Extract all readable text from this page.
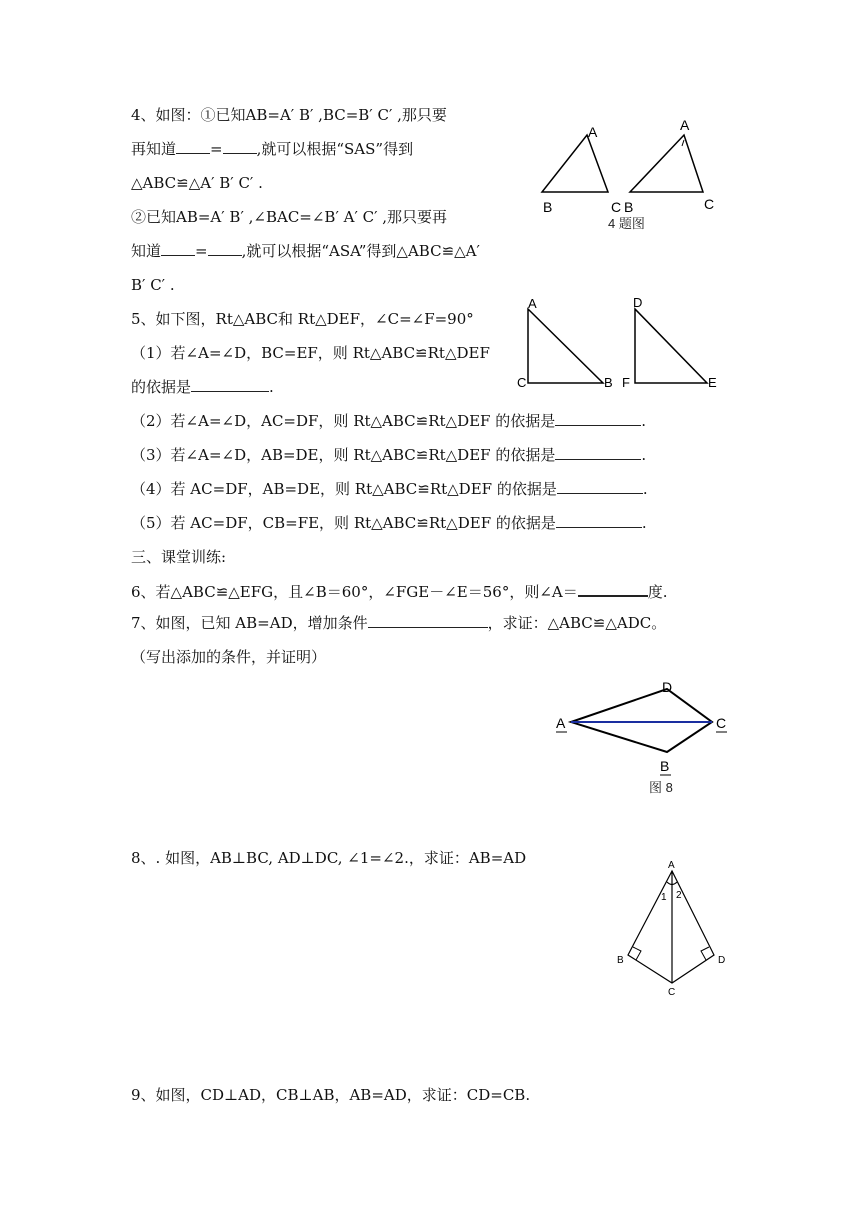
4、如图：①已知AB=A′ B′ ,BC=B′ C′ ,那只要
再知道 = ,就可以根据“SAS”得到
△ABC≌△A′ B′ C′ .
②已知AB=A′ B′ ,∠BAC=∠B′ A′ C′ ,那只要再
知道 = ,就可以根据“ASA”得到△ABC≌△A′
B′ C′ .
5、如下图，Rt△ABC和 Rt△DEF，∠C=∠F=90°
（1）若∠A=∠D，BC=EF，则 Rt△ABC≌Rt△DEF
的依据是	.
（2）若∠A=∠D，AC=DF，则 Rt△ABC≌Rt△DEF 的依据是	.
（3）若∠A=∠D，AB=DE，则 Rt△ABC≌Rt△DEF 的依据是	.
（4）若 AC=DF，AB=DE，则 Rt△ABC≌Rt△DEF 的依据是	.
（5）若 AC=DF，CB=FE，则 Rt△ABC≌Rt△DEF 的依据是	.
三、课堂训练:
6、若△ABC≌△EFG，且∠B＝60°，∠FGE－∠E＝56°，则∠A＝	度.
7、如图，已知 AB=AD，增加条件	，求证：△ABC≌△ADC。
（写出添加的条件，并证明）
8、. 如图，AB⊥BC, AD⊥DC, ∠1=∠2.，求证：AB=AD
9、如图，CD⊥AD，CB⊥AB，AB=AD，求证：CD=CB.
A
B	C B
A
C
4 题图
A
C	B
D
F	E
A
D
C
B
图 8
A
B
C
D
1 2
